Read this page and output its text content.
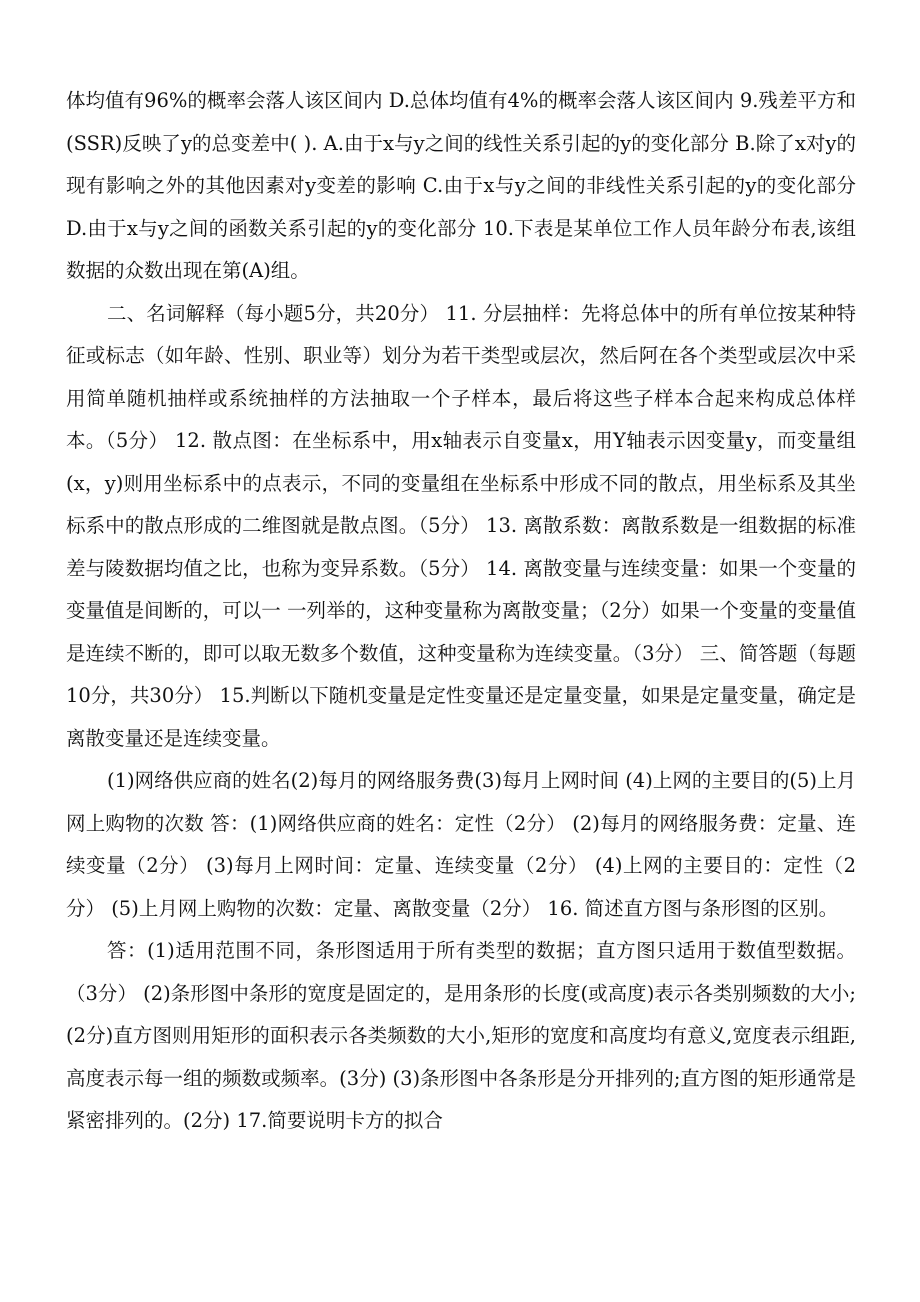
体均值有96%的概率会落人该区间内 D.总体均值有4%的概率会落人该区间内 9.残差平方和(SSR)反映了y的总变差中( ). A.由于x与y之间的线性关系引起的y的变化部分 B.除了x对y的现有影响之外的其他因素对y变差的影响 C.由于x与y之间的非线性关系引起的y的变化部分 D.由于x与y之间的函数关系引起的y的变化部分 10.下表是某单位工作人员年龄分布表,该组数据的众数出现在第(A)组。

二、名词解释（每小题5分，共20分） 11. 分层抽样：先将总体中的所有单位按某种特征或标志（如年龄、性别、职业等）划分为若干类型或层次，然后阿在各个类型或层次中采用简单随机抽样或系统抽样的方法抽取一个子样本，最后将这些子样本合起来构成总体样本。（5分） 12. 散点图：在坐标系中，用x轴表示自变量x，用Y轴表示因变量y，而变量组(x，y)则用坐标系中的点表示，不同的变量组在坐标系中形成不同的散点，用坐标系及其坐标系中的散点形成的二维图就是散点图。（5分） 13. 离散系数：离散系数是一组数据的标准差与陵数据均值之比，也称为变异系数。（5分） 14. 离散变量与连续变量：如果一个变量的变量值是间断的，可以一 一列举的，这种变量称为离散变量；（2分）如果一个变量的变量值是连续不断的，即可以取无数多个数值，这种变量称为连续变量。（3分） 三、简答题（每题10分，共30分） 15.判断以下随机变量是定性变量还是定量变量，如果是定量变量，确定是离散变量还是连续变量。

(1)网络供应商的姓名(2)每月的网络服务费(3)每月上网时间 (4)上网的主要目的(5)上月网上购物的次数 答：(1)网络供应商的姓名：定性（2分） (2)每月的网络服务费：定量、连续变量（2分） (3)每月上网时间：定量、连续变量（2分） (4)上网的主要目的：定性（2分） (5)上月网上购物的次数：定量、离散变量（2分） 16. 简述直方图与条形图的区别。

答：(1)适用范围不同，条形图适用于所有类型的数据；直方图只适用于数值型数据。（3分） (2)条形图中条形的宽度是固定的，是用条形的长度(或高度)表示各类别频数的大小;(2分)直方图则用矩形的面积表示各类频数的大小,矩形的宽度和高度均有意义,宽度表示组距,高度表示每一组的频数或频率。(3分) (3)条形图中各条形是分开排列的;直方图的矩形通常是紧密排列的。(2分) 17.简要说明卡方的拟合
